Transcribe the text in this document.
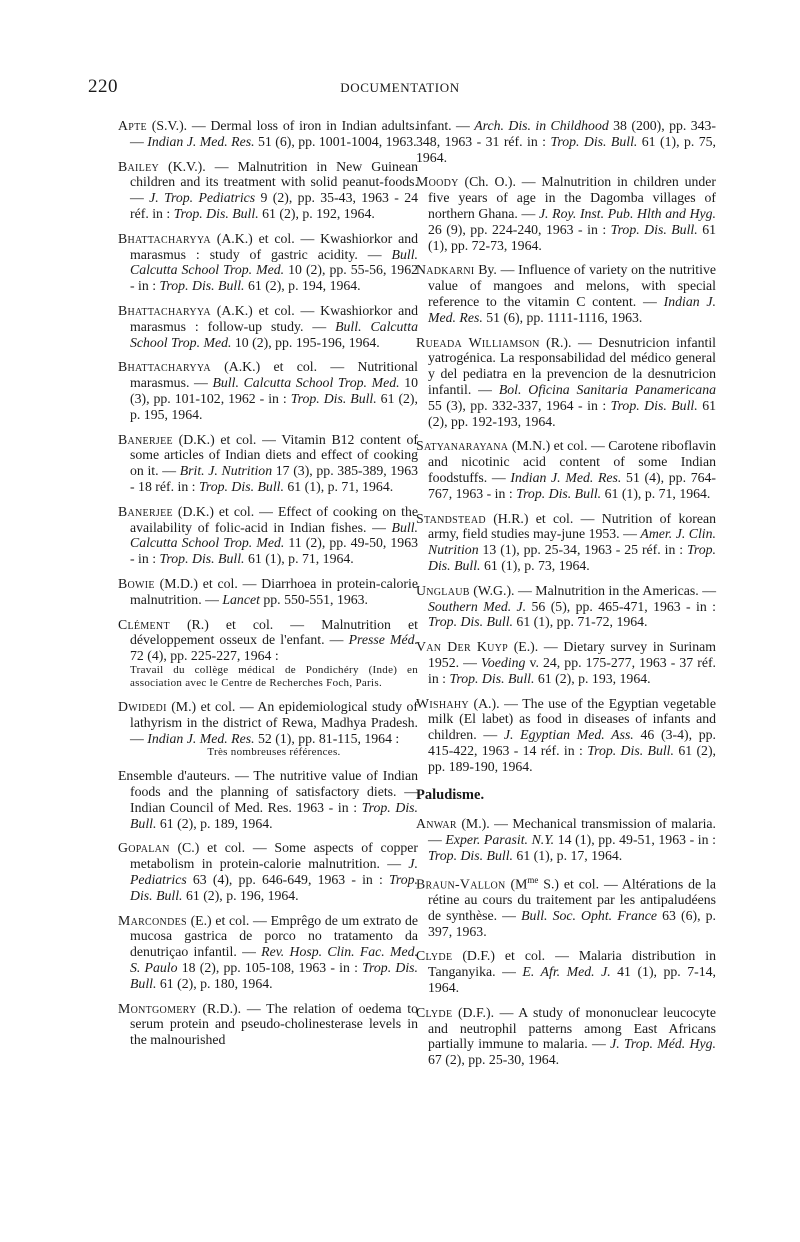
220	DOCUMENTATION
Apte (S.V.). — Dermal loss of iron in Indian adults. — Indian J. Med. Res. 51 (6), pp. 1001-1004, 1963.
Bailey (K.V.). — Malnutrition in New Guinean children and its treatment with solid peanut-foods. — J. Trop. Pediatrics 9 (2), pp. 35-43, 1963 - 24 réf. in : Trop. Dis. Bull. 61 (2), p. 192, 1964.
Bhattacharyya (A.K.) et col. — Kwashiorkor and marasmus : study of gastric acidity. — Bull. Calcutta School Trop. Med. 10 (2), pp. 55-56, 1962 - in : Trop. Dis. Bull. 61 (2), p. 194, 1964.
Bhattacharyya (A.K.) et col. — Kwashiorkor and marasmus : follow-up study. — Bull. Calcutta School Trop. Med. 10 (2), pp. 195-196, 1964.
Bhattacharyya (A.K.) et col. — Nutritional marasmus. — Bull. Calcutta School Trop. Med. 10 (3), pp. 101-102, 1962 - in : Trop. Dis. Bull. 61 (2), p. 195, 1964.
Banerjee (D.K.) et col. — Vitamin B12 content of some articles of Indian diets and effect of cooking on it. — Brit. J. Nutrition 17 (3), pp. 385-389, 1963 - 18 réf. in : Trop. Dis. Bull. 61 (1), p. 71, 1964.
Banerjee (D.K.) et col. — Effect of cooking on the availability of folic-acid in Indian fishes. — Bull. Calcutta School Trop. Med. 11 (2), pp. 49-50, 1963 - in : Trop. Dis. Bull. 61 (1), p. 71, 1964.
Bowie (M.D.) et col. — Diarrhoea in protein-calorie malnutrition. — Lancet pp. 550-551, 1963.
Clément (R.) et col. — Malnutrition et développement osseux de l'enfant. — Presse Méd. 72 (4), pp. 225-227, 1964 :
Travail du collège médical de Pondichéry (Inde) en association avec le Centre de Recherches Foch, Paris.
Dwidedi (M.) et col. — An epidemiological study of lathyrism in the district of Rewa, Madhya Pradesh. — Indian J. Med. Res. 52 (1), pp. 81-115, 1964 :
Très nombreuses références.
Ensemble d'auteurs. — The nutritive value of Indian foods and the planning of satisfactory diets. — Indian Council of Med. Res. 1963 - in : Trop. Dis. Bull. 61 (2), p. 189, 1964.
Gopalan (C.) et col. — Some aspects of copper metabolism in protein-calorie malnutrition. — J. Pediatrics 63 (4), pp. 646-649, 1963 - in : Trop. Dis. Bull. 61 (2), p. 196, 1964.
Marcondes (E.) et col. — Emprêgo de um extrato de mucosa gastrica de porco no tratamento da denutriçao infantil. — Rev. Hosp. Clin. Fac. Med. S. Paulo 18 (2), pp. 105-108, 1963 - in : Trop. Dis. Bull. 61 (2), p. 180, 1964.
Montgomery (R.D.). — The relation of oedema to serum protein and pseudo-cholinesterase levels in the malnourished
infant. — Arch. Dis. in Childhood 38 (200), pp. 343-348, 1963 - 31 réf. in : Trop. Dis. Bull. 61 (1), p. 75, 1964.
Moody (Ch. O.). — Malnutrition in children under five years of age in the Dagomba villages of northern Ghana. — J. Roy. Inst. Pub. Hlth and Hyg. 26 (9), pp. 224-240, 1963 - in : Trop. Dis. Bull. 61 (1), pp. 72-73, 1964.
Nadkarni By. — Influence of variety on the nutritive value of mangoes and melons, with special reference to the vitamin C content. — Indian J. Med. Res. 51 (6), pp. 1111-1116, 1963.
Rueada Williamson (R.). — Desnutricion infantil yatrogénica. La responsabilidad del médico general y del pediatra en la prevencion de la desnutricion infantil. — Bol. Oficina Sanitaria Panamericana 55 (3), pp. 332-337, 1964 - in : Trop. Dis. Bull. 61 (2), pp. 192-193, 1964.
Satyanarayana (M.N.) et col. — Carotene riboflavin and nicotinic acid content of some Indian foodstuffs. — Indian J. Med. Res. 51 (4), pp. 764-767, 1963 - in : Trop. Dis. Bull. 61 (1), p. 71, 1964.
Standstead (H.R.) et col. — Nutrition of korean army, field studies may-june 1953. — Amer. J. Clin. Nutrition 13 (1), pp. 25-34, 1963 - 25 réf. in : Trop. Dis. Bull. 61 (1), p. 73, 1964.
Unglaub (W.G.). — Malnutrition in the Americas. — Southern Med. J. 56 (5), pp. 465-471, 1963 - in : Trop. Dis. Bull. 61 (1), pp. 71-72, 1964.
Van Der Kuyp (E.). — Dietary survey in Surinam 1952. — Voeding v. 24, pp. 175-277, 1963 - 37 réf. in : Trop. Dis. Bull. 61 (2), p. 193, 1964.
Wishahy (A.). — The use of the Egyptian vegetable milk (El labet) as food in diseases of infants and children. — J. Egyptian Med. Ass. 46 (3-4), pp. 415-422, 1963 - 14 réf. in : Trop. Dis. Bull. 61 (2), pp. 189-190, 1964.
Paludisme.
Anwar (M.). — Mechanical transmission of malaria. — Exper. Parasit. N.Y. 14 (1), pp. 49-51, 1963 - in : Trop. Dis. Bull. 61 (1), p. 17, 1964.
Braun-Vallon ($M^{me}$ S.) et col. — Altérations de la rétine au cours du traitement par les antipaludéens de synthèse. — Bull. Soc. Opht. France 63 (6), p. 397, 1963.
Clyde (D.F.) et col. — Malaria distribution in Tanganyika. — E. Afr. Med. J. 41 (1), pp. 7-14, 1964.
Clyde (D.F.). — A study of mononuclear leucocyte and neutrophil patterns among East Africans partially immune to malaria. — J. Trop. Méd. Hyg. 67 (2), pp. 25-30, 1964.
